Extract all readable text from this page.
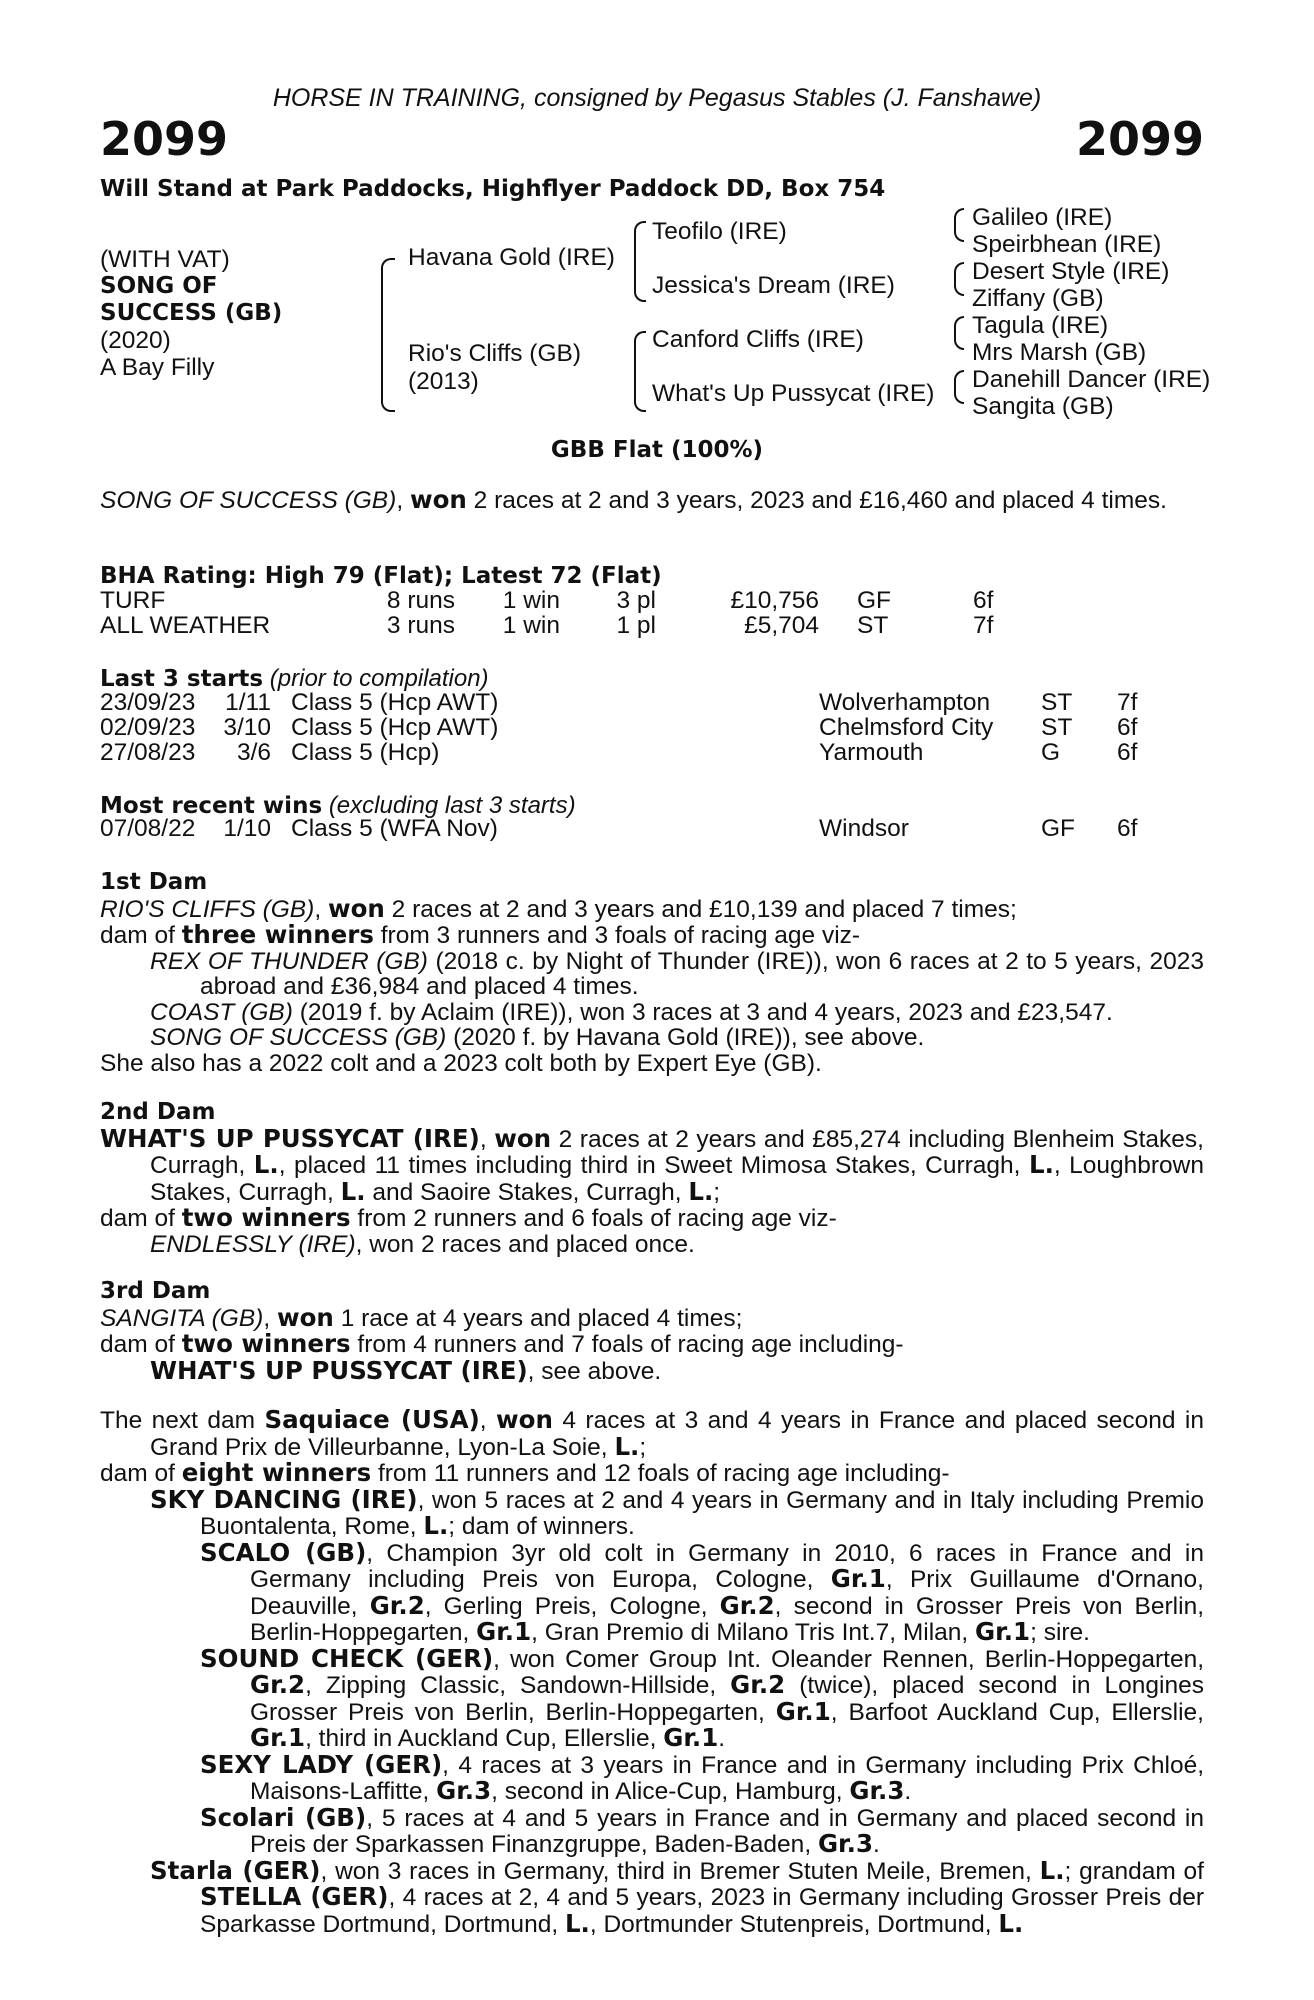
HORSE IN TRAINING, consigned by Pegasus Stables (J. Fanshawe)
2099	2099
Will Stand at Park Paddocks, Highflyer Paddock DD, Box 754
(WITH VAT)
SONG OF
SUCCESS (GB)
(2020)
A Bay Filly
Havana Gold (IRE)
Rio's Cliffs (GB)
(2013)
Teofilo (IRE)
Jessica's Dream (IRE)
Canford Cliffs (IRE)
What's Up Pussycat (IRE)
Galileo (IRE)
Speirbhean (IRE)
Desert Style (IRE)
Ziffany (GB)
Tagula (IRE)
Mrs Marsh (GB)
Danehill Dancer (IRE)
Sangita (GB)
GBB Flat (100%)
SONG OF SUCCESS (GB), won 2 races at 2 and 3 years, 2023 and £16,460 and placed 4 times.
BHA Rating: High 79 (Flat); Latest 72 (Flat)
TURF	8 runs 1 win 3 pl	£10,756 GF	6f
ALL WEATHER	3 runs 1 win 1 pl	£5,704 ST	7f
Last 3 starts (prior to compilation)
23/09/23 1/11 Class 5 (Hcp AWT)	Wolverhampton ST 7f
02/09/23 3/10 Class 5 (Hcp AWT)	Chelmsford City ST 6f
27/08/23 3/6 Class 5 (Hcp)	Yarmouth	G 6f
Most recent wins (excluding last 3 starts)
07/08/22 1/10 Class 5 (WFA Nov)	Windsor	GF 6f

1st Dam

RIO'S CLIFFS (GB), won 2 races at 2 and 3 years and £10,139 and placed 7 times;

dam of three winners from 3 runners and 3 foals of racing age viz-

REX OF THUNDER (GB) (2018 c. by Night of Thunder (IRE)), won 6 races at 2 to 5 years, 2023 abroad and £36,984 and placed 4 times.

COAST (GB) (2019 f. by Aclaim (IRE)), won 3 races at 3 and 4 years, 2023 and £23,547.

SONG OF SUCCESS (GB) (2020 f. by Havana Gold (IRE)), see above.

She also has a 2022 colt and a 2023 colt both by Expert Eye (GB).

2nd Dam

WHAT'S UP PUSSYCAT (IRE), won 2 races at 2 years and £85,274 including Blenheim Stakes, Curragh, L., placed 11 times including third in Sweet Mimosa Stakes, Curragh, L., Loughbrown Stakes, Curragh, L. and Saoire Stakes, Curragh, L.;

dam of two winners from 2 runners and 6 foals of racing age viz-

ENDLESSLY (IRE), won 2 races and placed once.

3rd Dam

SANGITA (GB), won 1 race at 4 years and placed 4 times;

dam of two winners from 4 runners and 7 foals of racing age including-

WHAT'S UP PUSSYCAT (IRE), see above.

The next dam Saquiace (USA), won 4 races at 3 and 4 years in France and placed second in Grand Prix de Villeurbanne, Lyon-La Soie, L.;

dam of eight winners from 11 runners and 12 foals of racing age including-

SKY DANCING (IRE), won 5 races at 2 and 4 years in Germany and in Italy including Premio Buontalenta, Rome, L.; dam of winners.

SCALO (GB), Champion 3yr old colt in Germany in 2010, 6 races in France and in Germany including Preis von Europa, Cologne, Gr.1, Prix Guillaume d'Ornano, Deauville, Gr.2, Gerling Preis, Cologne, Gr.2, second in Grosser Preis von Berlin, Berlin-Hoppegarten, Gr.1, Gran Premio di Milano Tris Int.7, Milan, Gr.1; sire.

SOUND CHECK (GER), won Comer Group Int. Oleander Rennen, Berlin-Hoppegarten, Gr.2, Zipping Classic, Sandown-Hillside, Gr.2 (twice), placed second in Longines Grosser Preis von Berlin, Berlin-Hoppegarten, Gr.1, Barfoot Auckland Cup, Ellerslie, Gr.1, third in Auckland Cup, Ellerslie, Gr.1.

SEXY LADY (GER), 4 races at 3 years in France and in Germany including Prix Chloé, Maisons-Laffitte, Gr.3, second in Alice-Cup, Hamburg, Gr.3.

Scolari (GB), 5 races at 4 and 5 years in France and in Germany and placed second in Preis der Sparkassen Finanzgruppe, Baden-Baden, Gr.3.

Starla (GER), won 3 races in Germany, third in Bremer Stuten Meile, Bremen, L.; grandam of STELLA (GER), 4 races at 2, 4 and 5 years, 2023 in Germany including Grosser Preis der Sparkasse Dortmund, Dortmund, L., Dortmunder Stutenpreis, Dortmund, L.
